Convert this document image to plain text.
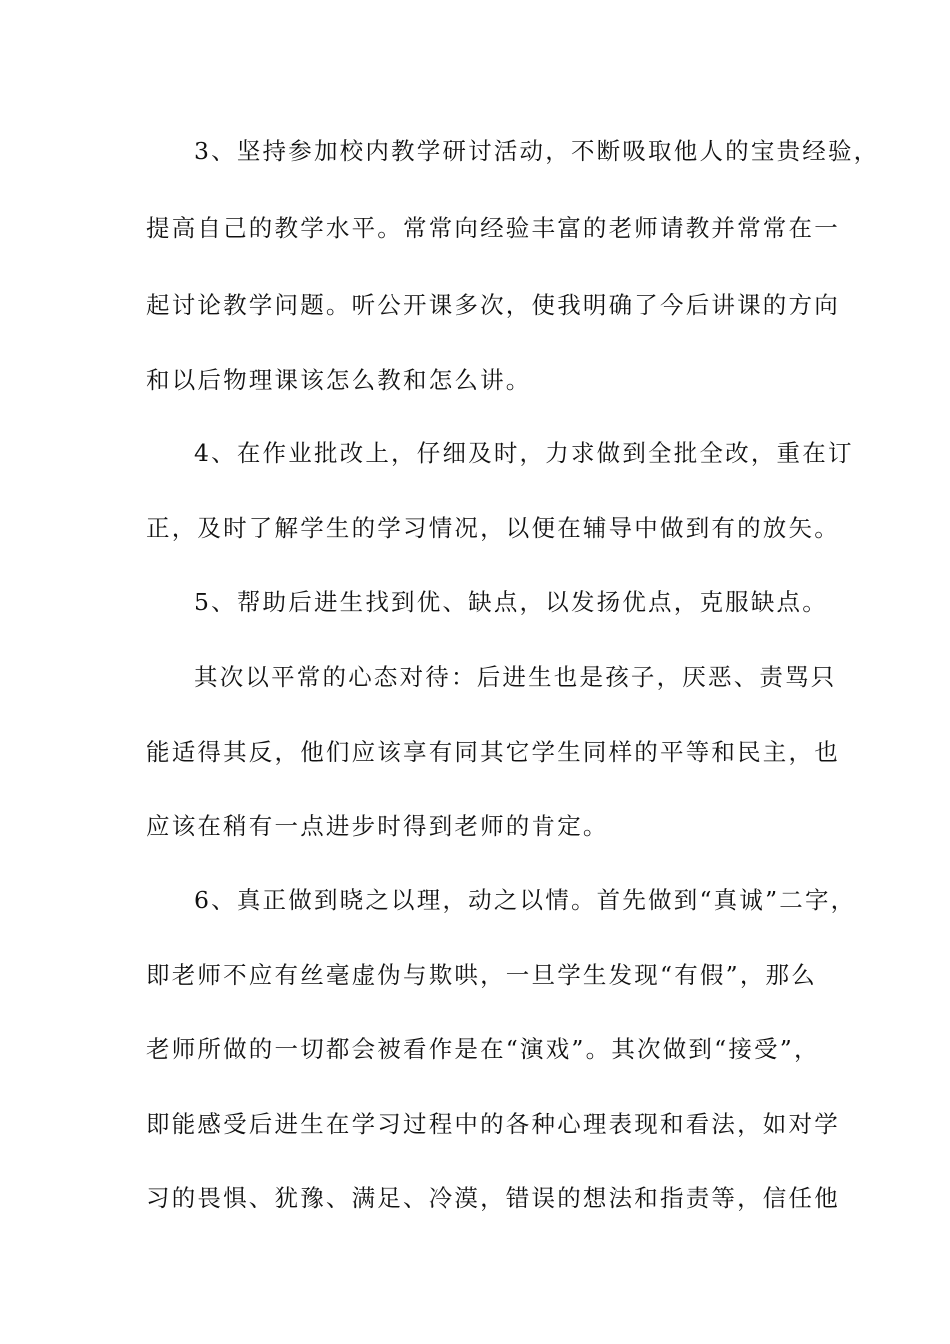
3、坚持参加校内教学研讨活动，不断吸取他人的宝贵经验，
提高自己的教学水平。常常向经验丰富的老师请教并常常在一
起讨论教学问题。听公开课多次，使我明确了今后讲课的方向
和以后物理课该怎么教和怎么讲。
4、在作业批改上，仔细及时，力求做到全批全改，重在订
正，及时了解学生的学习情况，以便在辅导中做到有的放矢。
5、帮助后进生找到优、缺点，以发扬优点，克服缺点。
其次以平常的心态对待：后进生也是孩子，厌恶、责骂只
能适得其反，他们应该享有同其它学生同样的平等和民主，也
应该在稍有一点进步时得到老师的肯定。
6、真正做到晓之以理，动之以情。首先做到“真诚”二字，
即老师不应有丝毫虚伪与欺哄，一旦学生发现“有假”，那么
老师所做的一切都会被看作是在“演戏”。其次做到“接受”，
即能感受后进生在学习过程中的各种心理表现和看法，如对学
习的畏惧、犹豫、满足、冷漠，错误的想法和指责等，信任他
